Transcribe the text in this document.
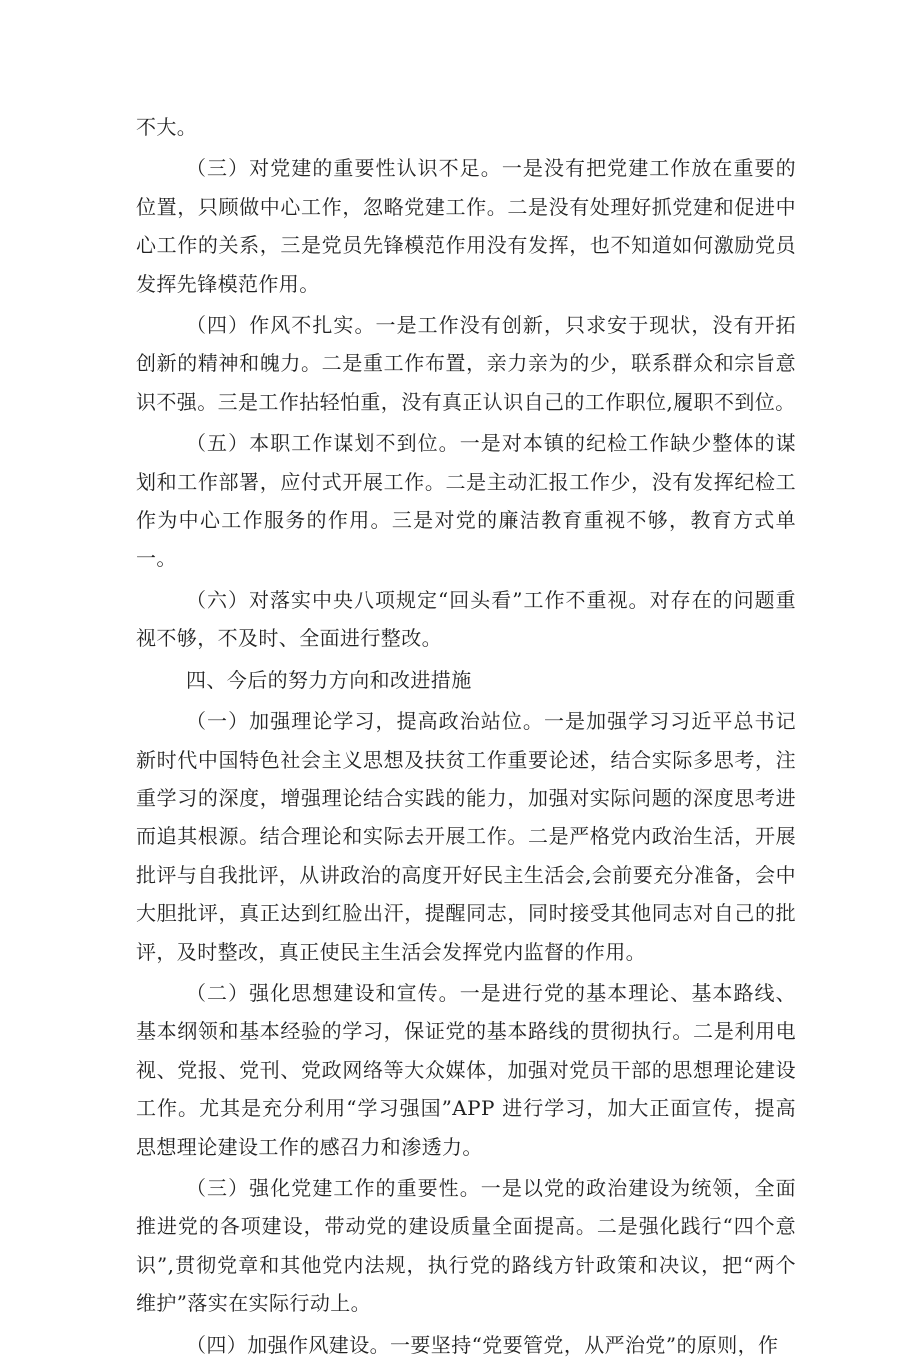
不大。

（三）对党建的重要性认识不足。一是没有把党建工作放在重要的位置，只顾做中心工作，忽略党建工作。二是没有处理好抓党建和促进中心工作的关系，三是党员先锋模范作用没有发挥，也不知道如何激励党员发挥先锋模范作用。

（四）作风不扎实。一是工作没有创新，只求安于现状，没有开拓创新的精神和魄力。二是重工作布置，亲力亲为的少，联系群众和宗旨意识不强。三是工作拈轻怕重，没有真正认识自己的工作职位,履职不到位。

（五）本职工作谋划不到位。一是对本镇的纪检工作缺少整体的谋划和工作部署，应付式开展工作。二是主动汇报工作少，没有发挥纪检工作为中心工作服务的作用。三是对党的廉洁教育重视不够，教育方式单一。

（六）对落实中央八项规定“回头看”工作不重视。对存在的问题重视不够，不及时、全面进行整改。

四、今后的努力方向和改进措施

（一）加强理论学习，提高政治站位。一是加强学习习近平总书记新时代中国特色社会主义思想及扶贫工作重要论述，结合实际多思考，注重学习的深度，增强理论结合实践的能力，加强对实际问题的深度思考进而追其根源。结合理论和实际去开展工作。二是严格党内政治生活，开展批评与自我批评，从讲政治的高度开好民主生活会,会前要充分准备，会中大胆批评，真正达到红脸出汗，提醒同志，同时接受其他同志对自己的批评，及时整改，真正使民主生活会发挥党内监督的作用。

（二）强化思想建设和宣传。一是进行党的基本理论、基本路线、基本纲领和基本经验的学习，保证党的基本路线的贯彻执行。二是利用电视、党报、党刊、党政网络等大众媒体，加强对党员干部的思想理论建设工作。尤其是充分利用“学习强国”APP 进行学习，加大正面宣传，提高思想理论建设工作的感召力和渗透力。

（三）强化党建工作的重要性。一是以党的政治建设为统领，全面推进党的各项建设，带动党的建设质量全面提高。二是强化践行“四个意识”,贯彻党章和其他党内法规，执行党的路线方针政策和决议，把“两个维护”落实在实际行动上。

（四）加强作风建设。一要坚持“党要管党，从严治党”的原则，作
